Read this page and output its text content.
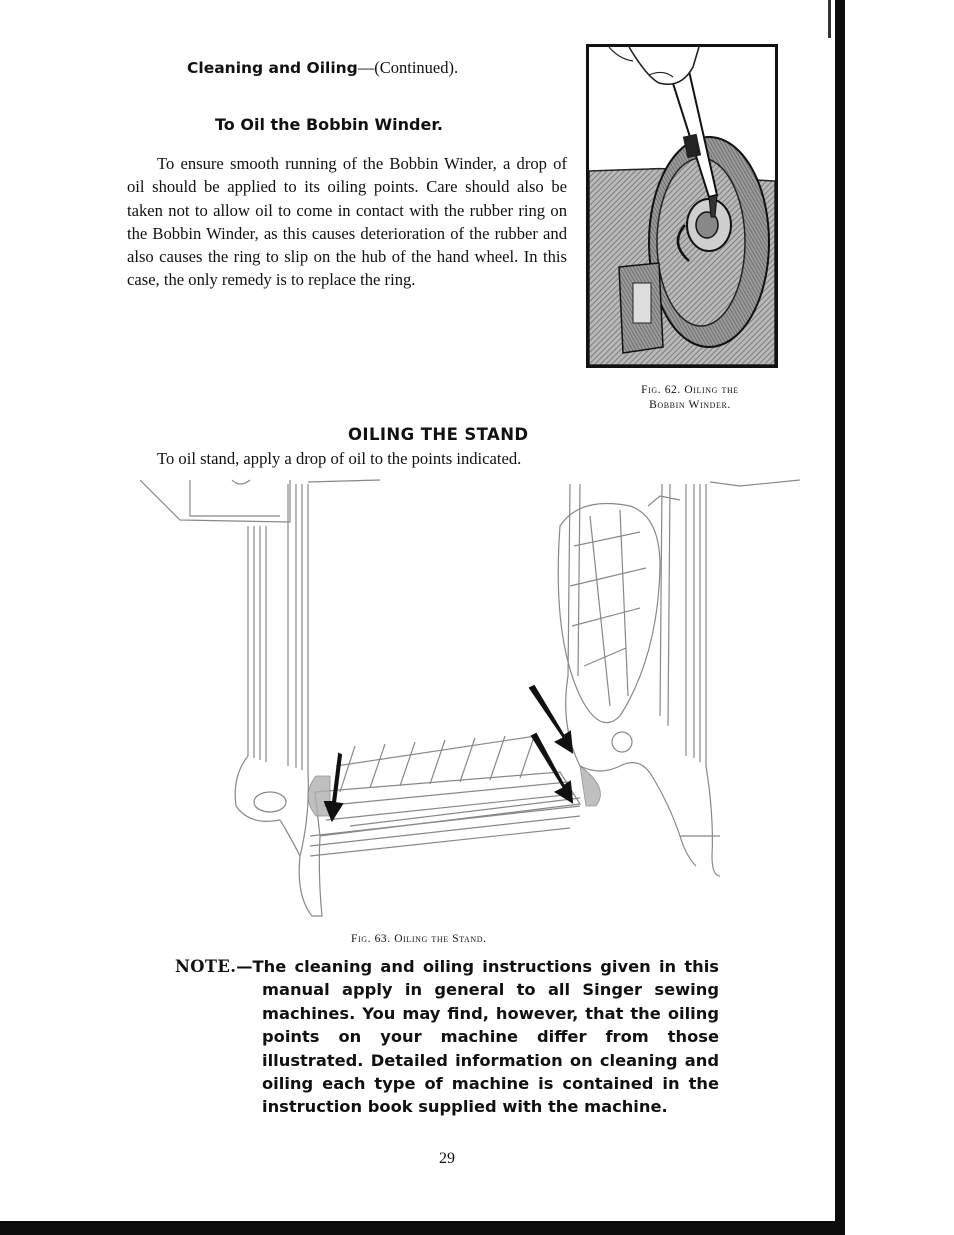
Cleaning and Oiling—(Continued).
To Oil the Bobbin Winder.
To ensure smooth running of the Bobbin Winder, a drop of oil should be applied to its oiling points. Care should also be taken not to allow oil to come in contact with the rubber ring on the Bobbin Winder, as this causes deterioration of the rubber and also causes the ring to slip on the hub of the hand wheel. In this case, the only remedy is to replace the ring.
Fig. 62. Oiling the
Bobbin Winder.
OILING THE STAND
To oil stand, apply a drop of oil to the points indicated.
Fig. 63. Oiling the Stand.
NOTE.—The cleaning and oiling instructions given in this manual apply in general to all Singer sewing machines. You may find, however, that the oiling points on your machine differ from those illustrated. Detailed information on cleaning and oiling each type of machine is contained in the instruction book supplied with the machine.
29
